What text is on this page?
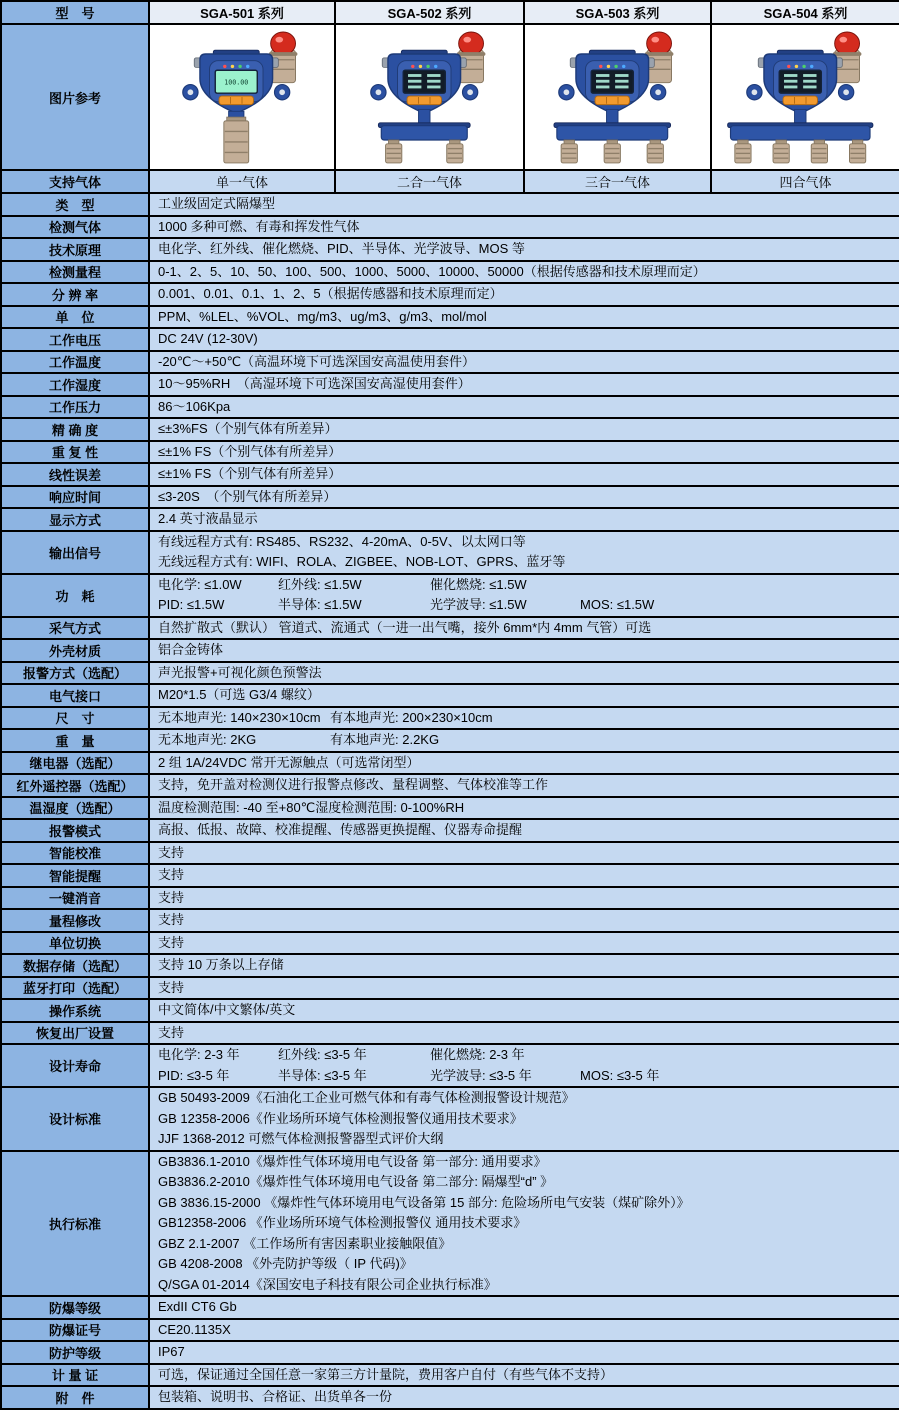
型　号	SGA-501 系列	SGA-502 系列	SGA-503 系列	SGA-504 系列
图片参考	100.00

支持气体	单一气体	二合一气体	三合一气体	四合气体
类　型	工业级固定式隔爆型			

检测气体	1000 多种可燃、有毒和挥发性气体			

技术原理	电化学、红外线、催化燃烧、PID、半导体、光学波导、MOS 等			

检测量程	0-1、2、5、10、50、100、500、1000、5000、10000、50000（根据传感器和技术原理而定）			

分 辨 率	0.001、0.01、0.1、1、2、5（根据传感器和技术原理而定）			

单　位	PPM、%LEL、%VOL、mg/m3、ug/m3、g/m3、mol/mol			

工作电压	DC 24V (12-30V)			

工作温度	-20℃～+50℃（高温环境下可选深国安高温使用套件）			

工作湿度	10～95%RH　（高湿环境下可选深国安高湿使用套件）			

工作压力	86～106Kpa			

精 确 度	≤±3%FS（个别气体有所差异）			

重 复 性	≤±1% FS（个别气体有所差异）			

线性误差	≤±1% FS（个别气体有所差异）			

响应时间	≤3-20S　（个别气体有所差异）			

显示方式	2.4 英寸液晶显示			

输出信号	有线远程方式有: RS485、RS232、4-20mA、0-5V、以太网口等
无线远程方式有: WIFI、ROLA、ZIGBEE、NOB-LOT、GPRS、蓝牙等			

功　耗	电化学: ≤1.0W 红外线: ≤1.5W 催化燃烧: ≤1.5W
PID: ≤1.5W 半导体: ≤1.5W 光学波导: ≤1.5W MOS: ≤1.5W			

采气方式	自然扩散式（默认） 管道式、流通式（一进一出气嘴，接外 6mm*内 4mm 气管）可选			

外壳材质	铝合金铸体			

报警方式（选配）	声光报警+可视化颜色预警法			

电气接口	M20*1.5（可选 G3/4 螺纹）			

尺　寸	无本地声光: 140×230×10cm 有本地声光: 200×230×10cm			

重　量	无本地声光: 2KG 有本地声光: 2.2KG			

继电器（选配）	2 组 1A/24VDC 常开无源触点（可选常闭型）			

红外遥控器（选配）	支持，免开盖对检测仪进行报警点修改、量程调整、气体校准等工作			

温湿度（选配）	温度检测范围: -40 至+80℃湿度检测范围: 0-100%RH			

报警模式	高报、低报、故障、校准提醒、传感器更换提醒、仪器寿命提醒			

智能校准	支持			

智能提醒	支持			

一键消音	支持			

量程修改	支持			

单位切换	支持			

数据存储（选配）	支持 10 万条以上存储			

蓝牙打印（选配）	支持			

操作系统	中文简体/中文繁体/英文			

恢复出厂设置	支持			

设计寿命	电化学: 2-3 年 红外线: ≤3-5 年 催化燃烧: 2-3 年
PID: ≤3-5 年 半导体: ≤3-5 年 光学波导: ≤3-5 年 MOS: ≤3-5 年			

设计标准	GB 50493-2009《石油化工企业可燃气体和有毒气体检测报警设计规范》
GB 12358-2006《作业场所环境气体检测报警仪通用技术要求》
JJF 1368-2012 可燃气体检测报警器型式评价大纲			

执行标准	
GB3836.1-2010《爆炸性气体环境用电气设备 第一部分: 通用要求》
GB3836.2-2010《爆炸性气体环境用电气设备 第二部分: 隔爆型“d” 》
GB 3836.15-2000 《爆炸性气体环境用电气设备第 15 部分: 危险场所电气安装（煤矿除外）》
GB12358-2006 《作业场所环境气体检测报警仪 通用技术要求》
GBZ 2.1-2007 《工作场所有害因素职业接触限值》
GB 4208-2008 《外壳防护等级（ IP 代码)》
Q/SGA 01-2014《深国安电子科技有限公司企业执行标准》

防爆等级	ExdII CT6 Gb			

防爆证号	CE20.1135X			

防护等级	IP67			

计 量 证	可选，保证通过全国任意一家第三方计量院，费用客户自付（有些气体不支持）			

附　件	包装箱、说明书、合格证、出货单各一份			
